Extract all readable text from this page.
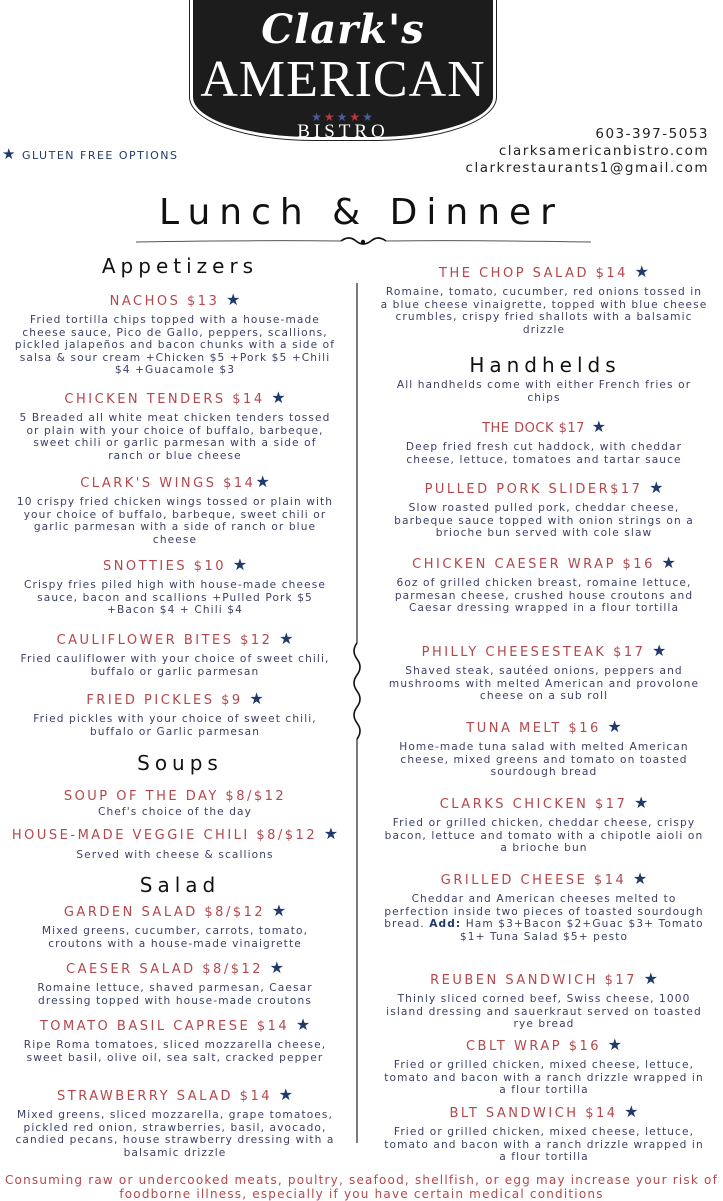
Clark's
AMERICAN
★★★★★
BISTRO	603-397-5053
clarksamericanbistro.com
clarkrestaurants1@gmail.com
★ GLUTEN FREE OPTIONS
Lunch & Dinner
Appetizers
NACHOS $13 ★
Fried tortilla chips topped with a house-made cheese sauce, Pico de Gallo, peppers, scallions, pickled jalapeños and bacon chunks with a side of salsa & sour cream +Chicken $5 +Pork $5 +Chili $4 +Guacamole $3
CHICKEN TENDERS $14 ★
5 Breaded all white meat chicken tenders tossed or plain with your choice of buffalo, barbeque, sweet chili or garlic parmesan with a side of ranch or blue cheese
CLARK'S WINGS $14★
10 crispy fried chicken wings tossed or plain with your choice of buffalo, barbeque, sweet chili or garlic parmesan with a side of ranch or blue cheese
SNOTTIES $10 ★
Crispy fries piled high with house-made cheese sauce, bacon and scallions +Pulled Pork $5 +Bacon $4 + Chili $4
CAULIFLOWER BITES $12 ★
Fried cauliflower with your choice of sweet chili, buffalo or garlic parmesan
FRIED PICKLES $9 ★
Fried pickles with your choice of sweet chili, buffalo or Garlic parmesan
Soups
SOUP OF THE DAY $8/$12
Chef's choice of the day
HOUSE-MADE VEGGIE CHILI $8/$12 ★
Served with cheese & scallions
Salad
GARDEN SALAD $8/$12 ★
Mixed greens, cucumber, carrots, tomato, croutons with a house-made vinaigrette
CAESER SALAD $8/$12 ★
Romaine lettuce, shaved parmesan, Caesar dressing topped with house-made croutons
TOMATO BASIL CAPRESE $14 ★
Ripe Roma tomatoes, sliced mozzarella cheese, sweet basil, olive oil, sea salt, cracked pepper
STRAWBERRY SALAD $14 ★
Mixed greens, sliced mozzarella, grape tomatoes, pickled red onion, strawberries, basil, avocado, candied pecans, house strawberry dressing with a balsamic drizzle
THE CHOP SALAD $14 ★
Romaine, tomato, cucumber, red onions tossed in a blue cheese vinaigrette, topped with blue cheese crumbles, crispy fried shallots with a balsamic drizzle
Handhelds
All handhelds come with either French fries or chips
THE DOCK $17 ★
Deep fried fresh cut haddock, with cheddar cheese, lettuce, tomatoes and tartar sauce
PULLED PORK SLIDER$17 ★
Slow roasted pulled pork, cheddar cheese, barbeque sauce topped with onion strings on a brioche bun served with cole slaw
CHICKEN CAESER WRAP $16 ★
6oz of grilled chicken breast, romaine lettuce, parmesan cheese, crushed house croutons and Caesar dressing wrapped in a flour tortilla
PHILLY CHEESESTEAK $17 ★
Shaved steak, sautéed onions, peppers and mushrooms with melted American and provolone cheese on a sub roll
TUNA MELT $16 ★
Home-made tuna salad with melted American cheese, mixed greens and tomato on toasted sourdough bread
CLARKS CHICKEN $17 ★
Fried or grilled chicken, cheddar cheese, crispy bacon, lettuce and tomato with a chipotle aioli on a brioche bun
GRILLED CHEESE $14 ★
Cheddar and American cheeses melted to perfection inside two pieces of toasted sourdough bread. Add: Ham $3+Bacon $2+Guac $3+ Tomato $1+ Tuna Salad $5+ pesto
REUBEN SANDWICH $17 ★
Thinly sliced corned beef, Swiss cheese, 1000 island dressing and sauerkraut served on toasted rye bread
CBLT WRAP $16 ★
Fried or grilled chicken, mixed cheese, lettuce, tomato and bacon with a ranch drizzle wrapped in a flour tortilla
BLT SANDWICH $14 ★
Fried or grilled chicken, mixed cheese, lettuce, tomato and bacon with a ranch drizzle wrapped in a flour tortilla
Consuming raw or undercooked meats, poultry, seafood, shellfish, or egg may increase your risk of foodborne illness, especially if you have certain medical conditions
